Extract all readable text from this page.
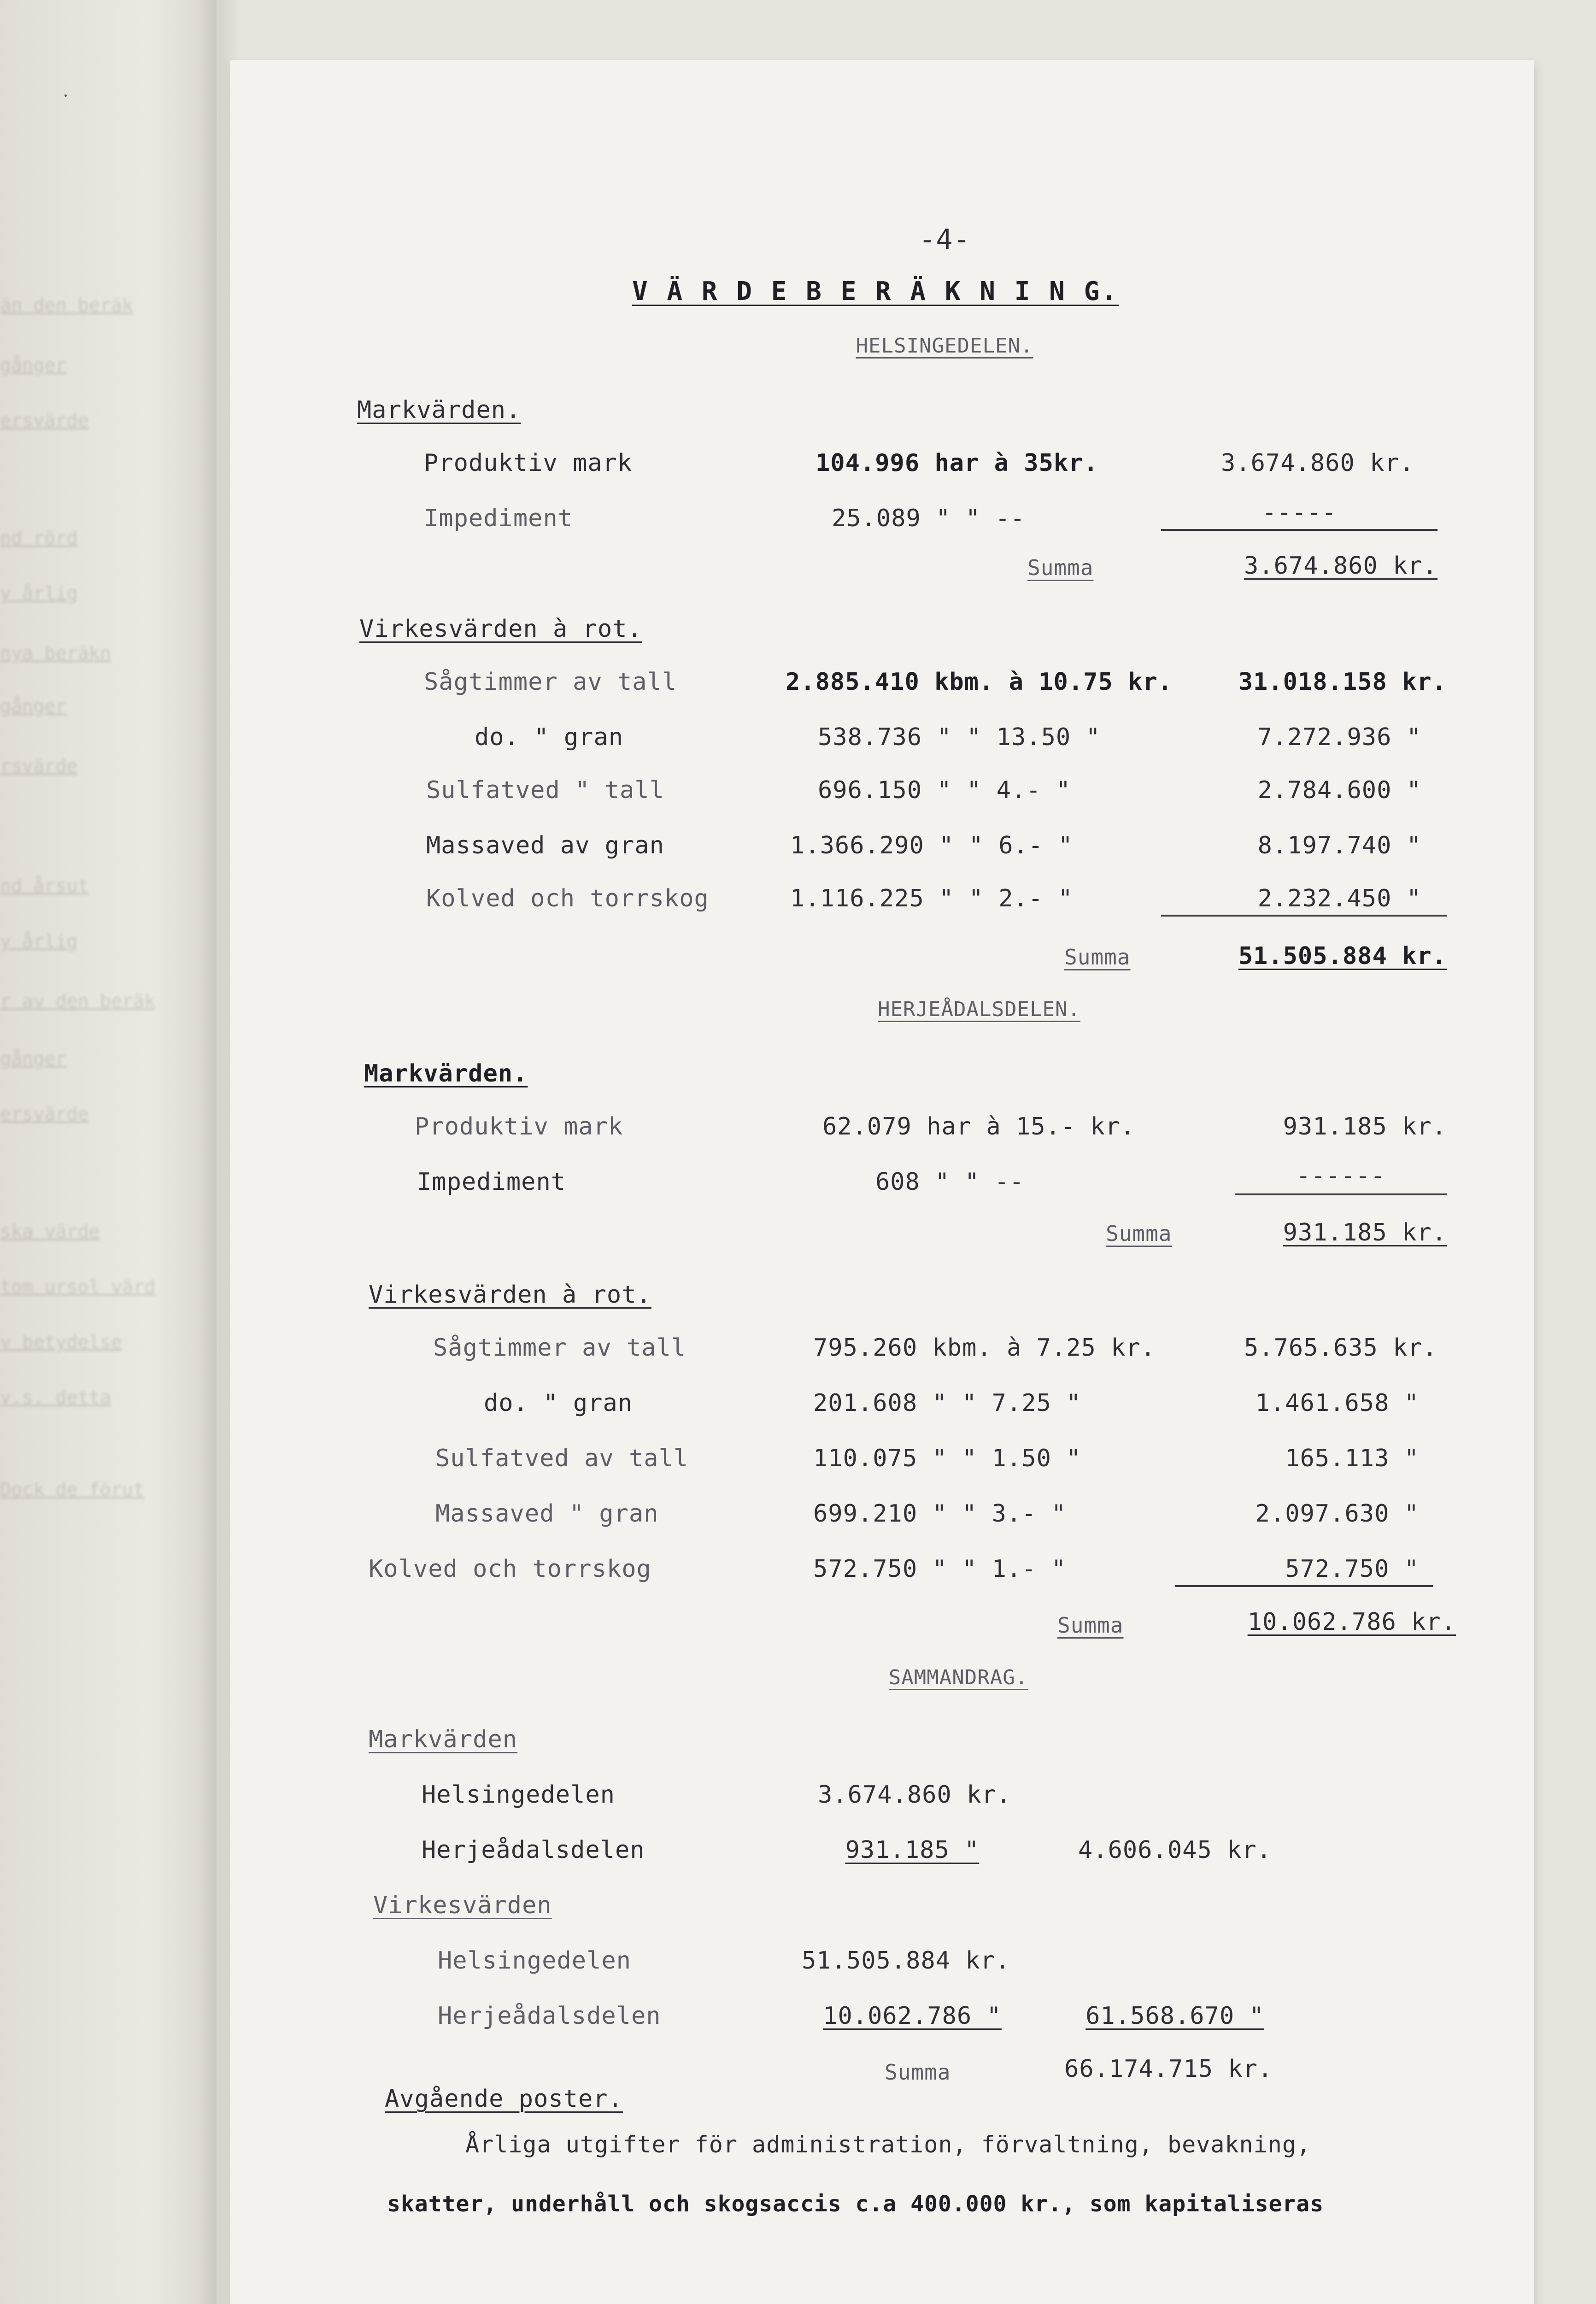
än den beräk
gånger
ersvärde
nd rörd
y årlig
nya beräkn
gånger
rsvärde
nd årsut
y årlig
r av den beräk
gånger
ersvärde
ska värde
tom ursol värd
v betydelse
v.s. detta
Dock de förut
-4-
V Ä R D E B E R Ä K N I N G.
HELSINGEDELEN.
Markvärden.
Produktiv mark	104.996 har à 35kr.	3.674.860 kr.
Impediment	25.089 " " --	-----
Summa	3.674.860 kr.
Virkesvärden à rot.
Sågtimmer av tall	2.885.410 kbm. à 10.75 kr.	31.018.158 kr.
do. " gran	538.736 " " 13.50 "	7.272.936 "
Sulfatved " tall	696.150 " " 4.- "	2.784.600 "
Massaved av gran	1.366.290 " " 6.- "	8.197.740 "
Kolved och torrskog	1.116.225 " " 2.- "	2.232.450 "
Summa	51.505.884 kr.
HERJEÅDALSDELEN.
Markvärden.
Produktiv mark	62.079 har à 15.- kr.	931.185 kr.
Impediment	608 " " --	------
Summa	931.185 kr.
Virkesvärden à rot.
Sågtimmer av tall	795.260 kbm. à 7.25 kr.	5.765.635 kr.
do. " gran	201.608 " " 7.25 "	1.461.658 "
Sulfatved av tall	110.075 " " 1.50 "	165.113 "
Massaved " gran	699.210 " " 3.- "	2.097.630 "
Kolved och torrskog	572.750 " " 1.- "	572.750 "
Summa	10.062.786 kr.
SAMMANDRAG.
Markvärden
Helsingedelen	3.674.860 kr.
Herjeådalsdelen	931.185 "	4.606.045 kr.
Virkesvärden
Helsingedelen	51.505.884 kr.
Herjeådalsdelen	10.062.786 "	61.568.670 "
Summa	66.174.715 kr.
Avgående poster.
Årliga utgifter för administration, förvaltning, bevakning,
skatter, underhåll och skogsaccis c.a 400.000 kr., som kapitaliseras
